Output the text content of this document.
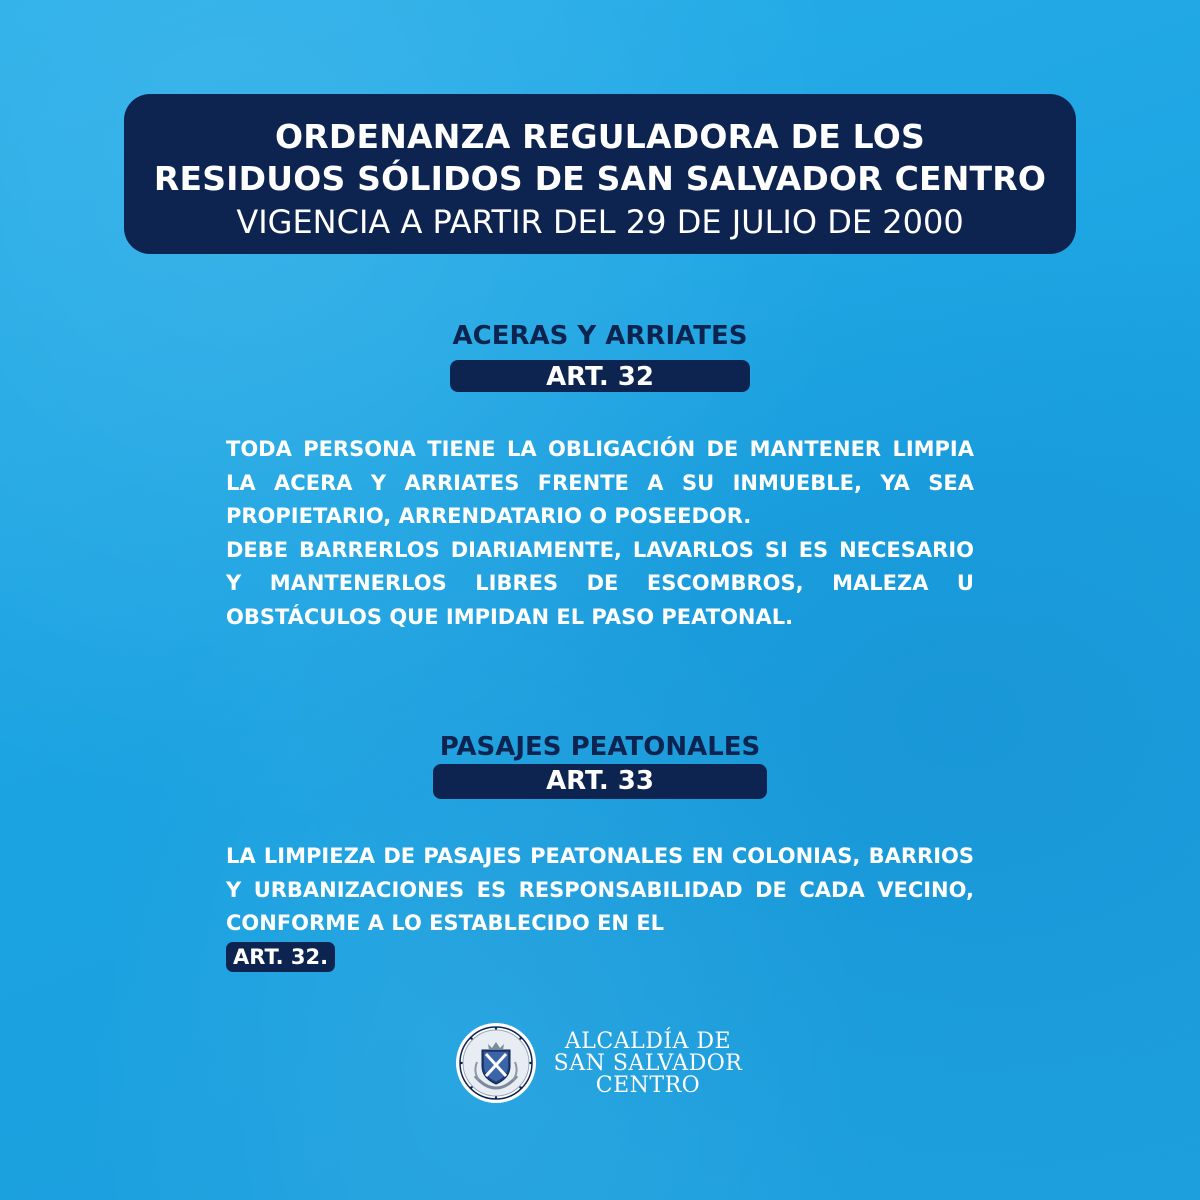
ORDENANZA REGULADORA DE LOS
RESIDUOS SÓLIDOS DE SAN SALVADOR CENTRO
VIGENCIA A PARTIR DEL 29 DE JULIO DE 2000
ACERAS Y ARRIATES
ART. 32
TODA PERSONA TIENE LA OBLIGACIÓN DE MANTENER LIMPIA LA ACERA Y ARRIATES FRENTE A SU INMUEBLE, YA SEA PROPIETARIO, ARRENDATARIO O POSEEDOR.
DEBE BARRERLOS DIARIAMENTE, LAVARLOS SI ES NECESARIO Y MANTENERLOS LIBRES DE ESCOMBROS, MALEZA U OBSTÁCULOS QUE IMPIDAN EL PASO PEATONAL.
PASAJES PEATONALES
ART. 33
LA LIMPIEZA DE PASAJES PEATONALES EN COLONIAS, BARRIOS Y URBANIZACIONES ES RESPONSABILIDAD DE CADA VECINO, CONFORME A LO ESTABLECIDO EN EL
ART. 32.
ALCALDÍA DE
SAN SALVADOR
CENTRO
